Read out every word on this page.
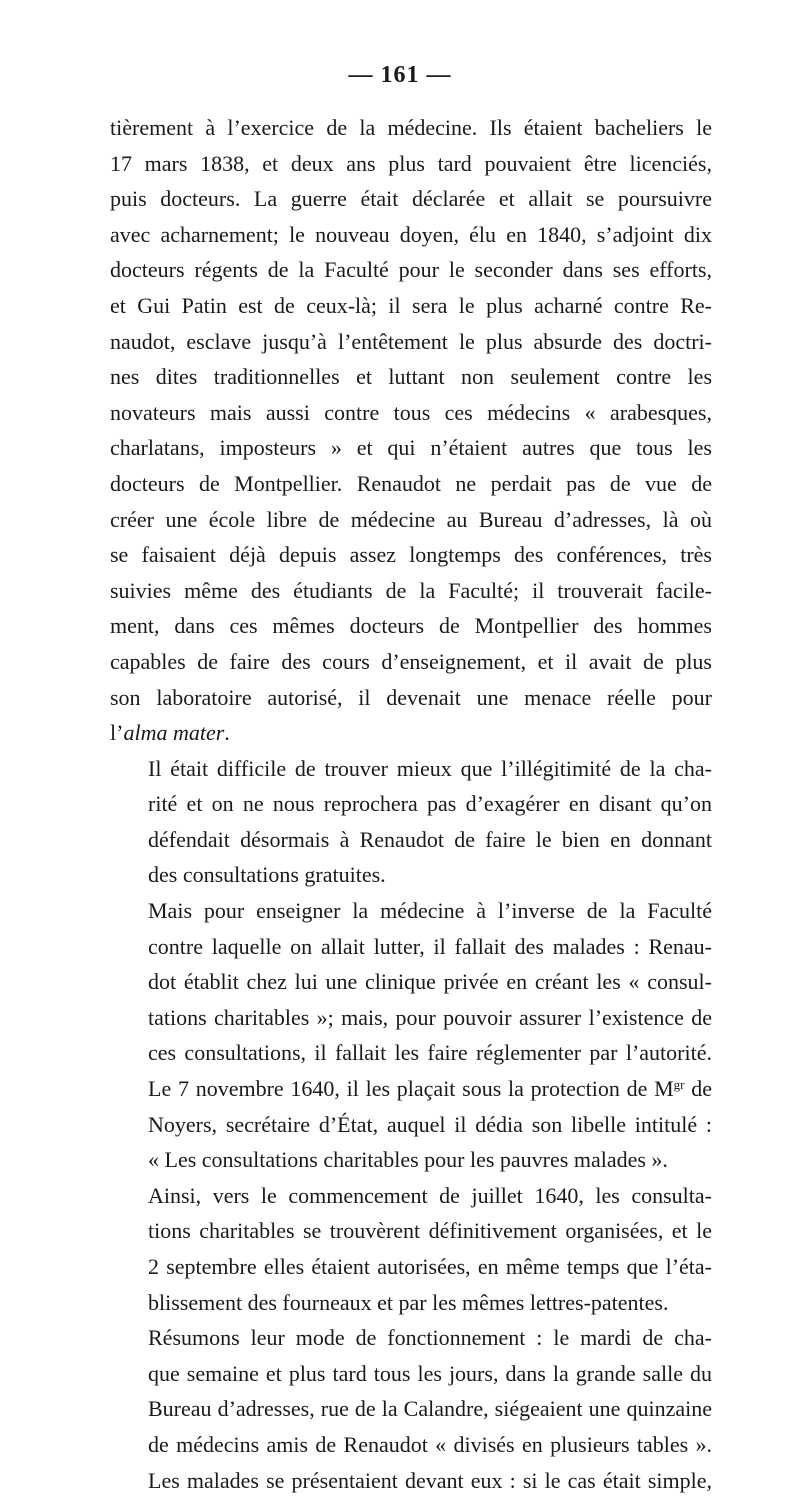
— 161 —

tièrement à l’exercice de la médecine. Ils étaient bacheliers le
17 mars 1838, et deux ans plus tard pouvaient être licenciés,
puis docteurs. La guerre était déclarée et allait se poursuivre
avec acharnement; le nouveau doyen, élu en 1840, s’adjoint dix
docteurs régents de la Faculté pour le seconder dans ses efforts,
et Gui Patin est de ceux-là; il sera le plus acharné contre Re-
naudot, esclave jusqu’à l’entêtement le plus absurde des doctri-
nes dites traditionnelles et luttant non seulement contre les
novateurs mais aussi contre tous ces médecins « arabesques,
charlatans, imposteurs » et qui n’étaient autres que tous les
docteurs de Montpellier. Renaudot ne perdait pas de vue de
créer une école libre de médecine au Bureau d’adresses, là où
se faisaient déjà depuis assez longtemps des conférences, très
suivies même des étudiants de la Faculté; il trouverait facile-
ment, dans ces mêmes docteurs de Montpellier des hommes
capables de faire des cours d’enseignement, et il avait de plus
son laboratoire autorisé, il devenait une menace réelle pour
l’alma mater.

Il était difficile de trouver mieux que l’illégitimité de la cha-
rité et on ne nous reprochera pas d’exagérer en disant qu’on
défendait désormais à Renaudot de faire le bien en donnant
des consultations gratuites.

Mais pour enseigner la médecine à l’inverse de la Faculté
contre laquelle on allait lutter, il fallait des malades : Renau-
dot établit chez lui une clinique privée en créant les « consul-
tations charitables »; mais, pour pouvoir assurer l’existence de
ces consultations, il fallait les faire réglementer par l’autorité.
Le 7 novembre 1640, il les plaçait sous la protection de $M^{gr}$ de
Noyers, secrétaire d’État, auquel il dédia son libelle intitulé :
« Les consultations charitables pour les pauvres malades ».

Ainsi, vers le commencement de juillet 1640, les consulta-
tions charitables se trouvèrent définitivement organisées, et le
2 septembre elles étaient autorisées, en même temps que l’éta-
blissement des fourneaux et par les mêmes lettres-patentes.

Résumons leur mode de fonctionnement : le mardi de cha-
que semaine et plus tard tous les jours, dans la grande salle du
Bureau d’adresses, rue de la Calandre, siégeaient une quinzaine
de médecins amis de Renaudot « divisés en plusieurs tables ».
Les malades se présentaient devant eux : si le cas était simple,
